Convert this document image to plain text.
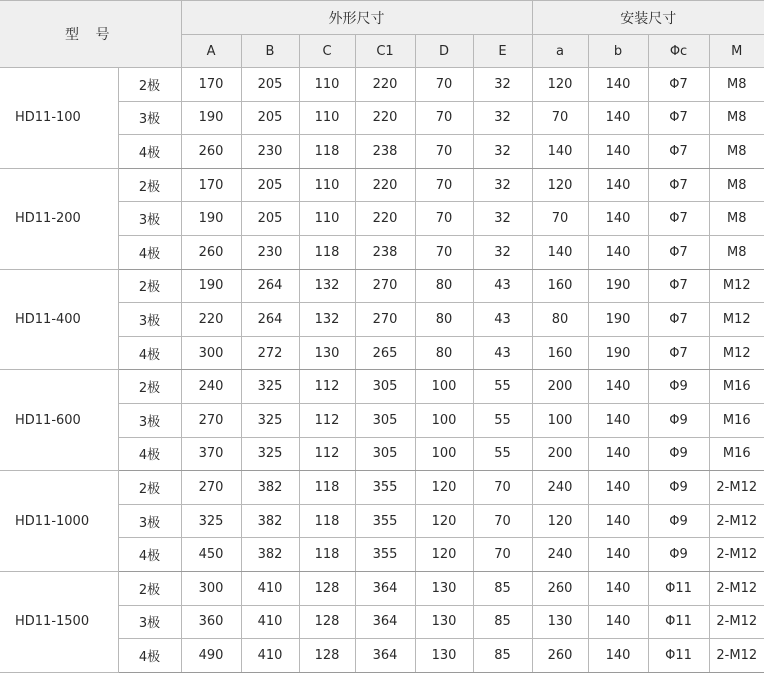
型 号		外形尺寸						安装尺寸			
		A	B	C	C1	D	E	a	b	Φc	M
HD11-100	2极	170	205	110	220	70	32	120	140	Φ7	M8
	3极	190	205	110	220	70	32	70	140	Φ7	M8
	4极	260	230	118	238	70	32	140	140	Φ7	M8
HD11-200	2极	170	205	110	220	70	32	120	140	Φ7	M8
	3极	190	205	110	220	70	32	70	140	Φ7	M8
	4极	260	230	118	238	70	32	140	140	Φ7	M8
HD11-400	2极	190	264	132	270	80	43	160	190	Φ7	M12
	3极	220	264	132	270	80	43	80	190	Φ7	M12
	4极	300	272	130	265	80	43	160	190	Φ7	M12
HD11-600	2极	240	325	112	305	100	55	200	140	Φ9	M16
	3极	270	325	112	305	100	55	100	140	Φ9	M16
	4极	370	325	112	305	100	55	200	140	Φ9	M16
HD11-1000	2极	270	382	118	355	120	70	240	140	Φ9	2-M12
	3极	325	382	118	355	120	70	120	140	Φ9	2-M12
	4极	450	382	118	355	120	70	240	140	Φ9	2-M12
HD11-1500	2极	300	410	128	364	130	85	260	140	Φ11	2-M12
	3极	360	410	128	364	130	85	130	140	Φ11	2-M12
	4极	490	410	128	364	130	85	260	140	Φ11	2-M12
